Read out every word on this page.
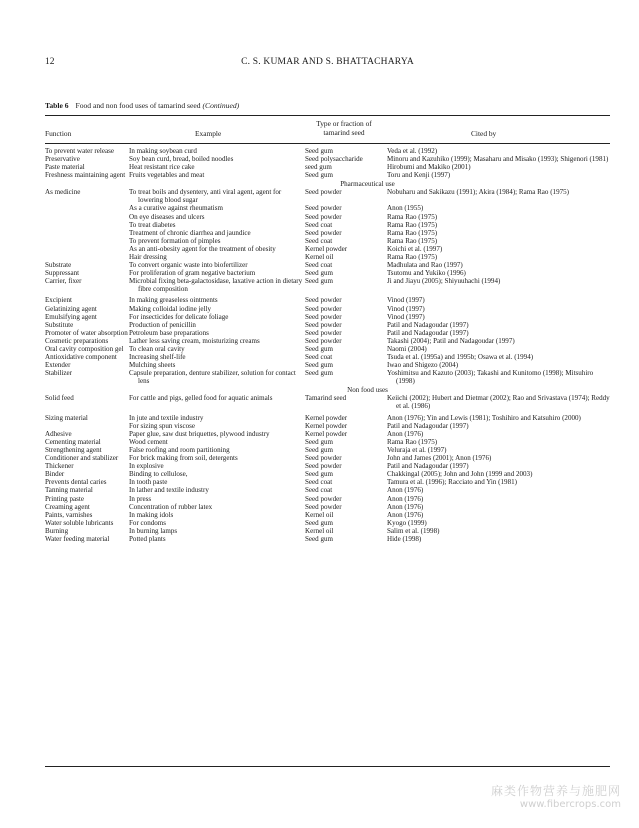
12	C. S. KUMAR AND S. BHATTACHARYA
Table 6 Food and non food uses of tamarind seed (Continued)
Function	Example
Type or fraction of tamarind seed	Cited by
To prevent water release	In making soybean curd	Seed gum	Veda et al. (1992)

Preservative	Soy bean curd, bread, boiled noodles	Seed polysaccharide	Minoru and Kazuhiko (1999); Masaharu and Misako (1993); Shigenori (1981)

Paste material	Heat resistant rice cake	seed gum	Hirobumi and Makiko (2001)

Freshness maintaining agent	Fruits vegetables and meat	Seed gum	Toru and Kenji (1997)

Pharmaceutical use			

As medicine	To treat boils and dysentery, anti viral agent, agent for lowering blood sugar	Seed powder	Nobuharu and Sakikazu (1991); Akira (1984); Rama Rao (1975)

	As a curative against rheumatism	Seed powder	Anon (1955)

	On eye diseases and ulcers	Seed powder	Rama Rao (1975)

	To treat diabetes	Seed coat	Rama Rao (1975)

	Treatment of chronic diarrhea and jaundice	Seed powder	Rama Rao (1975)

	To prevent formation of pimples	Seed coat	Rama Rao (1975)

	As an anti-obesity agent for the treatment of obesity	Kernel powder	Koichi et al. (1997)

	Hair dressing	Kernel oil	Rama Rao (1975)

Substrate	To convert organic waste into biofertilizer	Seed coat	Madhulata and Rao (1997)

Suppressant	For proliferation of gram negative bacterium	Seed gum	Tsutomu and Yukiko (1996)

Carrier, fixer	Microbial fixing beta-galactosidase, laxative action in dietary fibre composition	Seed gum	Ji and Jiayu (2005); Shiyuuhachi (1994)

Excipient	In making greaseless ointments	Seed powder	Vinod (1997)

Gelatinizing agent	Making colloidal iodine jelly	Seed powder	Vinod (1997)

Emulsifying agent	For insecticides for delicate foliage	Seed powder	Vinod (1997)

Substitute	Production of penicillin	Seed powder	Patil and Nadagoudar (1997)

Promoter of water absorption	Petroleum base preparations	Seed powder	Patil and Nadagoudar (1997)

Cosmetic preparations	Lather less saving cream, moisturizing creams	Seed powder	Takashi (2004); Patil and Nadagoudar (1997)

Oral cavity composition gel	To clean oral cavity	Seed gum	Naomi (2004)

Antioxidative component	Increasing shelf-life	Seed coat	Tsuda et al. (1995a) and 1995b; Osawa et al. (1994)

Extender	Mulching sheets	Seed gum	Iwao and Shigezo (2004)

Stabilizer	Capsule preparation, denture stabilizer, solution for contact lens	Seed gum	Yoshimitsu and Kazuto (2003); Takashi and Kunitomo (1998); Mitsuhiro (1998)

Non food uses			

Solid feed	For cattle and pigs, gelled food for aquatic animals	Tamarind seed	Keiichi (2002); Hubert and Dietmar (2002); Rao and Srivastava (1974); Reddy et al. (1986)

Sizing material	In jute and textile industry	Kernel powder	Anon (1976); Yin and Lewis (1981); Toshihiro and Katsuhiro (2000)

	For sizing spun viscose	Kernel powder	Patil and Nadagoudar (1997)

Adhesive	Paper glue, saw dust briquettes, plywood industry	Kernel powder	Anon (1976)

Cementing material	Wood cement	Seed gum	Rama Rao (1975)

Strengthening agent	False roofing and room partitioning	Seed gum	Veluraja et al. (1997)

Conditioner and stabilizer	For brick making from soil, detergents	Seed powder	John and James (2001); Anon (1976)

Thickener	In explosive	Seed powder	Patil and Nadagoudar (1997)

Binder	Binding to cellulose,	Seed gum	Chakkingal (2005); John and John (1999 and 2003)

Prevents dental caries	In tooth paste	Seed coat	Tamura et al. (1996); Racciato and Yin (1981)

Tanning material	In lather and textile industry	Seed coat	Anon (1976)

Printing paste	In press	Seed powder	Anon (1976)

Creaming agent	Concentration of rubber latex	Seed powder	Anon (1976)

Paints, varnishes	In making idols	Kernel oil	Anon (1976)

Water soluble lubricants	For condoms	Seed gum	Kyogo (1999)

Burning	In burning lamps	Kernel oil	Salim et al. (1998)

Water feeding material	Potted plants	Seed gum	Hide (1998)
麻类作物营养与施肥网
www.fibercrops.com
